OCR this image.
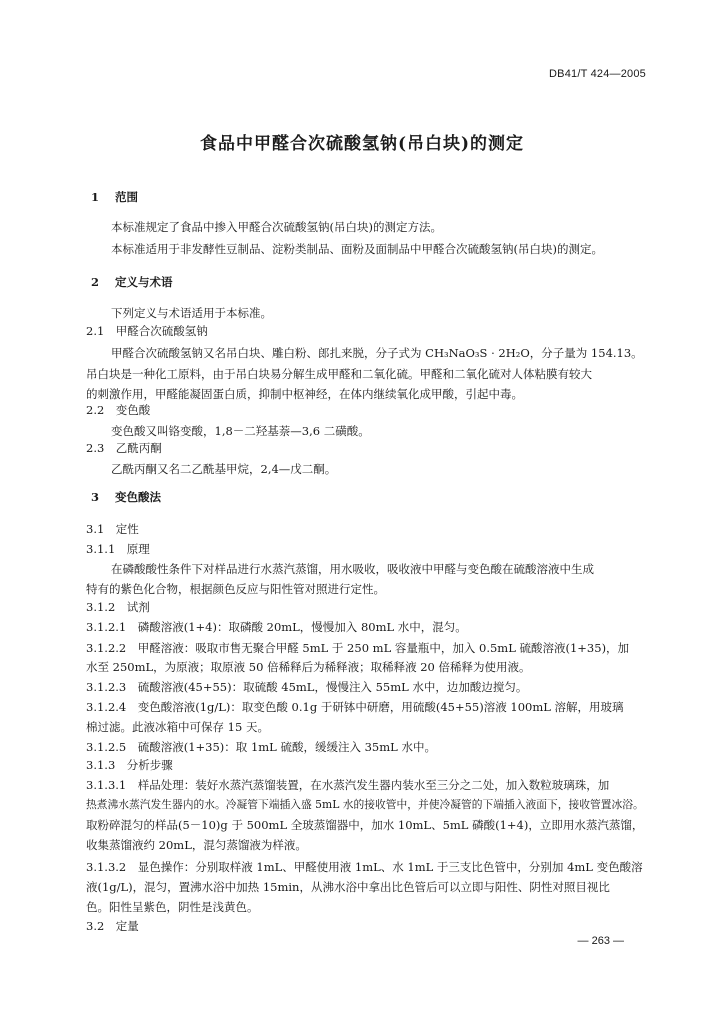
DB41/T 424—2005
食品中甲醛合次硫酸氢钠(吊白块)的测定
1 范围
本标准规定了食品中掺入甲醛合次硫酸氢钠(吊白块)的测定方法。
本标准适用于非发酵性豆制品、淀粉类制品、面粉及面制品中甲醛合次硫酸氢钠(吊白块)的测定。
2 定义与术语
下列定义与术语适用于本标准。
2.1　甲醛合次硫酸氢钠
甲醛合次硫酸氢钠又名吊白块、雕白粉、郎扎来脱，分子式为 CH₃NaO₃S · 2H₂O，分子量为 154.13。
吊白块是一种化工原料，由于吊白块易分解生成甲醛和二氧化硫。甲醛和二氧化硫对人体粘膜有较大
的刺激作用，甲醛能凝固蛋白质，抑制中枢神经，在体内继续氧化成甲酸，引起中毒。
2.2　变色酸
变色酸又叫铬变酸，1,8－二羟基萘—3,6 二磺酸。
2.3　乙酰丙酮
乙酰丙酮又名二乙酰基甲烷，2,4—戊二酮。
3 变色酸法
3.1　定性
3.1.1　原理
在磷酸酸性条件下对样品进行水蒸汽蒸馏，用水吸收，吸收液中甲醛与变色酸在硫酸溶液中生成
特有的紫色化合物，根据颜色反应与阳性管对照进行定性。
3.1.2　试剂
3.1.2.1　磷酸溶液(1+4)：取磷酸 20mL，慢慢加入 80mL 水中，混匀。
3.1.2.2　甲醛溶液：吸取市售无聚合甲醛 5mL 于 250 mL 容量瓶中，加入 0.5mL 硫酸溶液(1+35)，加
水至 250mL，为原液；取原液 50 倍稀释后为稀释液；取稀释液 20 倍稀释为使用液。
3.1.2.3　硫酸溶液(45+55)：取硫酸 45mL，慢慢注入 55mL 水中，边加酸边搅匀。
3.1.2.4　变色酸溶液(1g/L)：取变色酸 0.1g 于研钵中研磨，用硫酸(45+55)溶液 100mL 溶解，用玻璃
棉过滤。此液冰箱中可保存 15 天。
3.1.2.5　硫酸溶液(1+35)：取 1mL 硫酸，缓缓注入 35mL 水中。
3.1.3　分析步骤
3.1.3.1　样品处理：装好水蒸汽蒸馏装置，在水蒸汽发生器内装水至三分之二处，加入数粒玻璃珠，加
热煮沸水蒸汽发生器内的水。冷凝管下端插入盛 5mL 水的接收管中，并使冷凝管的下端插入液面下，接收管置冰浴。
取粉碎混匀的样品(5－10)g 于 500mL 全玻蒸馏器中，加水 10mL、5mL 磷酸(1+4)，立即用水蒸汽蒸馏，
收集蒸馏液约 20mL，混匀蒸馏液为样液。
3.1.3.2　显色操作：分别取样液 1mL、甲醛使用液 1mL、水 1mL 于三支比色管中，分别加 4mL 变色酸溶
液(1g/L)，混匀，置沸水浴中加热 15min，从沸水浴中拿出比色管后可以立即与阳性、阴性对照目视比
色。阳性呈紫色，阴性是浅黄色。
3.2　定量
— 263 —
